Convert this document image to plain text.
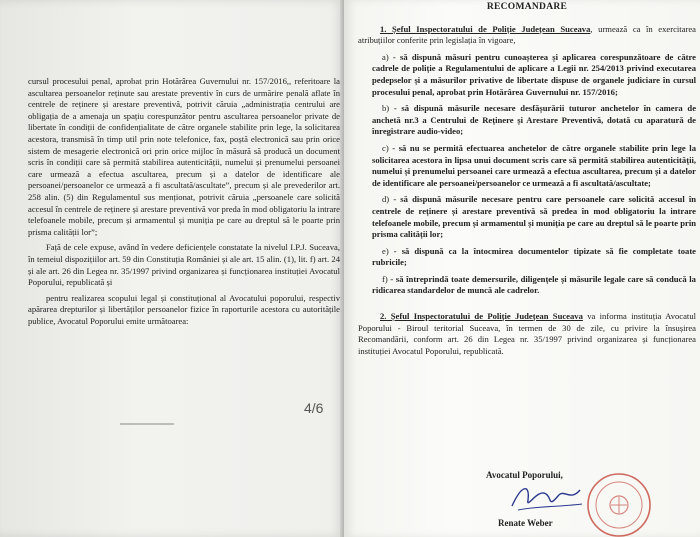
cursul procesului penal, aprobat prin Hotărârea Guvernului nr. 157/2016,, referitoare la ascultarea persoanelor reținute sau arestate preventiv în curs de urmărire penală aflate în centrele de reținere și arestare preventivă, potrivit căruia „administrația centrului are obligația de a amenaja un spațiu corespunzător pentru ascultarea persoanelor private de libertate în condiții de confidențialitate de către organele stabilite prin lege, la solicitarea acestora, transmisă în timp util prin note telefonice, fax, poștă electronică sau prin orice sistem de mesagerie electronică ori prin orice mijloc în măsură să producă un document scris în condiții care să permită stabilirea autenticității, numelui și prenumelui persoanei care urmează a efectua ascultarea, precum și a datelor de identificare ale persoanei/persoanelor ce urmează a fi ascultată/ascultate”, precum și ale prevederilor art. 258 alin. (5) din Regulamentul sus menționat, potrivit căruia „persoanele care solicită accesul în centrele de reținere și arestare preventivă vor preda în mod obligatoriu la intrare telefoanele mobile, precum și armamentul și muniția pe care au dreptul să le poarte prin prisma calității lor”;

Față de cele expuse, având în vedere deficiențele constatate la nivelul I.P.J. Suceava, în temeiul dispozițiilor art. 59 din Constituția României și ale art. 15 alin. (1), lit. f) art. 24 și ale art. 26 din Legea nr. 35/1997 privind organizarea și funcționarea instituției Avocatul Poporului, republicată și

pentru realizarea scopului legal și constituțional al Avocatului poporului, respectiv apărarea drepturilor și libertăților persoanelor fizice în raporturile acestora cu autoritățile publice, Avocatul Poporului emite următoarea:

4/6
RECOMANDARE

1. Șeful Inspectoratului de Poliție Județean Suceava, urmează ca în exercitarea atribuțiilor conferite prin legislația în vigoare,

a) - să dispună măsuri pentru cunoașterea și aplicarea corespunzătoare de către cadrele de poliție a Regulamentului de aplicare a Legii nr. 254/2013 privind executarea pedepselor și a măsurilor privative de libertate dispuse de organele judiciare în cursul procesului penal, aprobat prin Hotărârea Guvernului nr. 157/2016;

b) - să dispună măsurile necesare desfășurării tuturor anchetelor în camera de anchetă nr.3 a Centrului de Reținere și Arestare Preventivă, dotată cu aparatură de înregistrare audio-video;

c) - să nu se permită efectuarea anchetelor de către organele stabilite prin lege la solicitarea acestora în lipsa unui document scris care să permită stabilirea autenticității, numelui și prenumelui persoanei care urmează a efectua ascultarea, precum și a datelor de identificare ale persoanei/persoanelor ce urmează a fi ascultată/ascultate;

d) - să dispună măsurile necesare pentru care persoanele care solicită accesul în centrele de reținere și arestare preventivă să predea în mod obligatoriu la intrare telefoanele mobile, precum și armamentul și muniția pe care au dreptul să le poarte prin prisma calității lor;

e) - să dispună ca la întocmirea documentelor tipizate să fie completate toate rubricile;

f) - să întreprindă toate demersurile, diligențele și măsurile legale care să conducă la ridicarea standardelor de muncă ale cadrelor.

2. Șeful Inspectoratului de Poliție Județean Suceava va informa instituția Avocatul Poporului - Biroul teritorial Suceava, în termen de 30 de zile, cu privire la însușirea Recomandării, conform art. 26 din Legea nr. 35/1997 privind organizarea și funcționarea instituției Avocatul Poporului, republicată.

Avocatul Poporului,
Renate Weber
